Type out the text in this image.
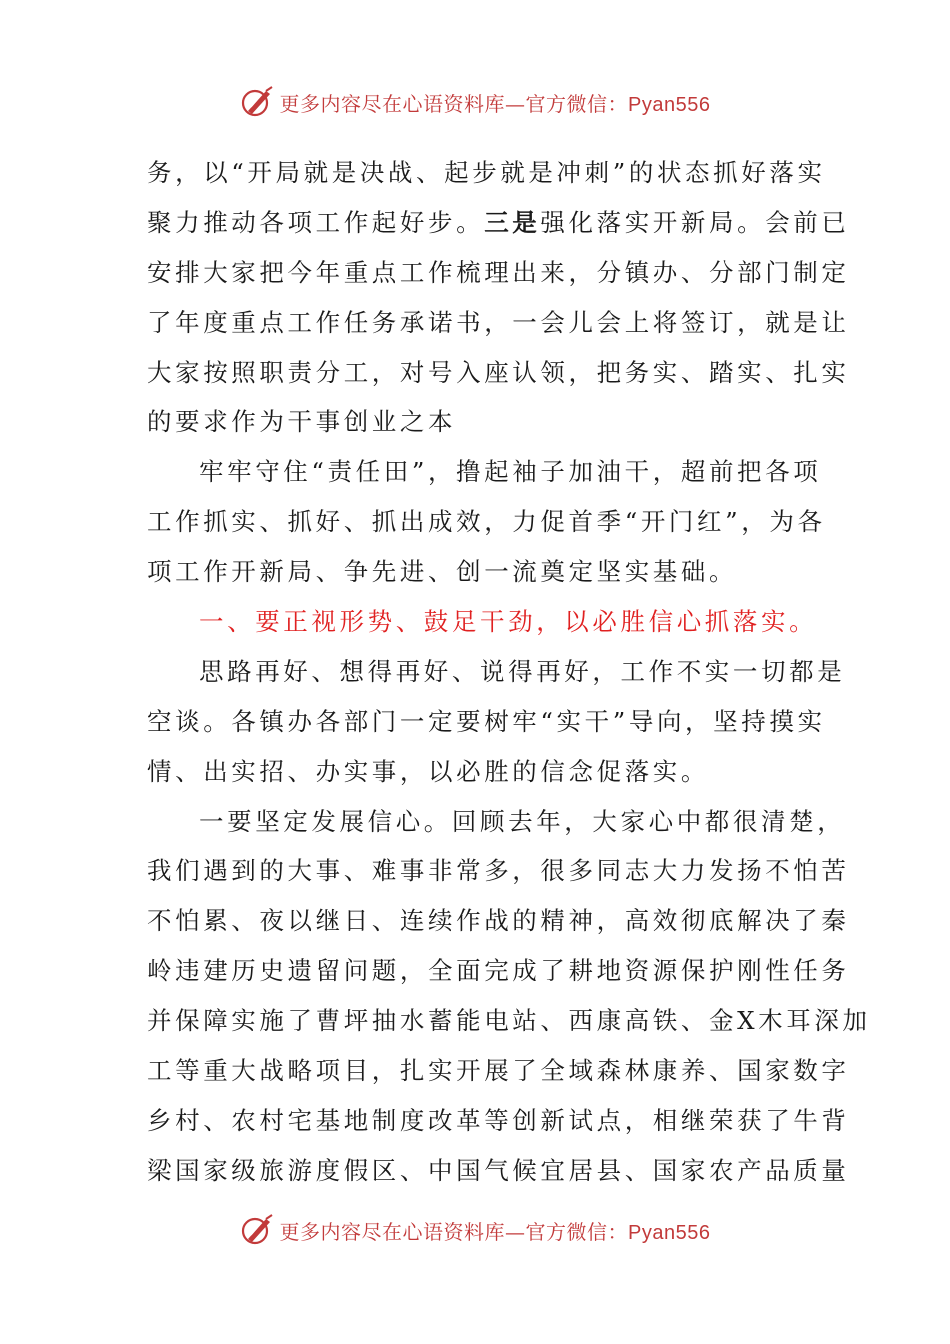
更多内容尽在心语资料库—官方微信：Pyan556
务，以“开局就是决战、起步就是冲刺”的状态抓好落实
聚力推动各项工作起好步。三是强化落实开新局。会前已
安排大家把今年重点工作梳理出来，分镇办、分部门制定
了年度重点工作任务承诺书，一会儿会上将签订，就是让
大家按照职责分工，对号入座认领，把务实、踏实、扎实
的要求作为干事创业之本
牢牢守住“责任田”，撸起袖子加油干，超前把各项
工作抓实、抓好、抓出成效，力促首季“开门红”，为各
项工作开新局、争先进、创一流奠定坚实基础。
一、要正视形势、鼓足干劲，以必胜信心抓落实。
思路再好、想得再好、说得再好，工作不实一切都是
空谈。各镇办各部门一定要树牢“实干”导向，坚持摸实
情、出实招、办实事，以必胜的信念促落实。
一要坚定发展信心。回顾去年，大家心中都很清楚，
我们遇到的大事、难事非常多，很多同志大力发扬不怕苦
不怕累、夜以继日、连续作战的精神，高效彻底解决了秦
岭违建历史遗留问题，全面完成了耕地资源保护刚性任务
并保障实施了曹坪抽水蓄能电站、西康高铁、金X木耳深加
工等重大战略项目，扎实开展了全域森林康养、国家数字
乡村、农村宅基地制度改革等创新试点，相继荣获了牛背
梁国家级旅游度假区、中国气候宜居县、国家农产品质量
更多内容尽在心语资料库—官方微信：Pyan556
